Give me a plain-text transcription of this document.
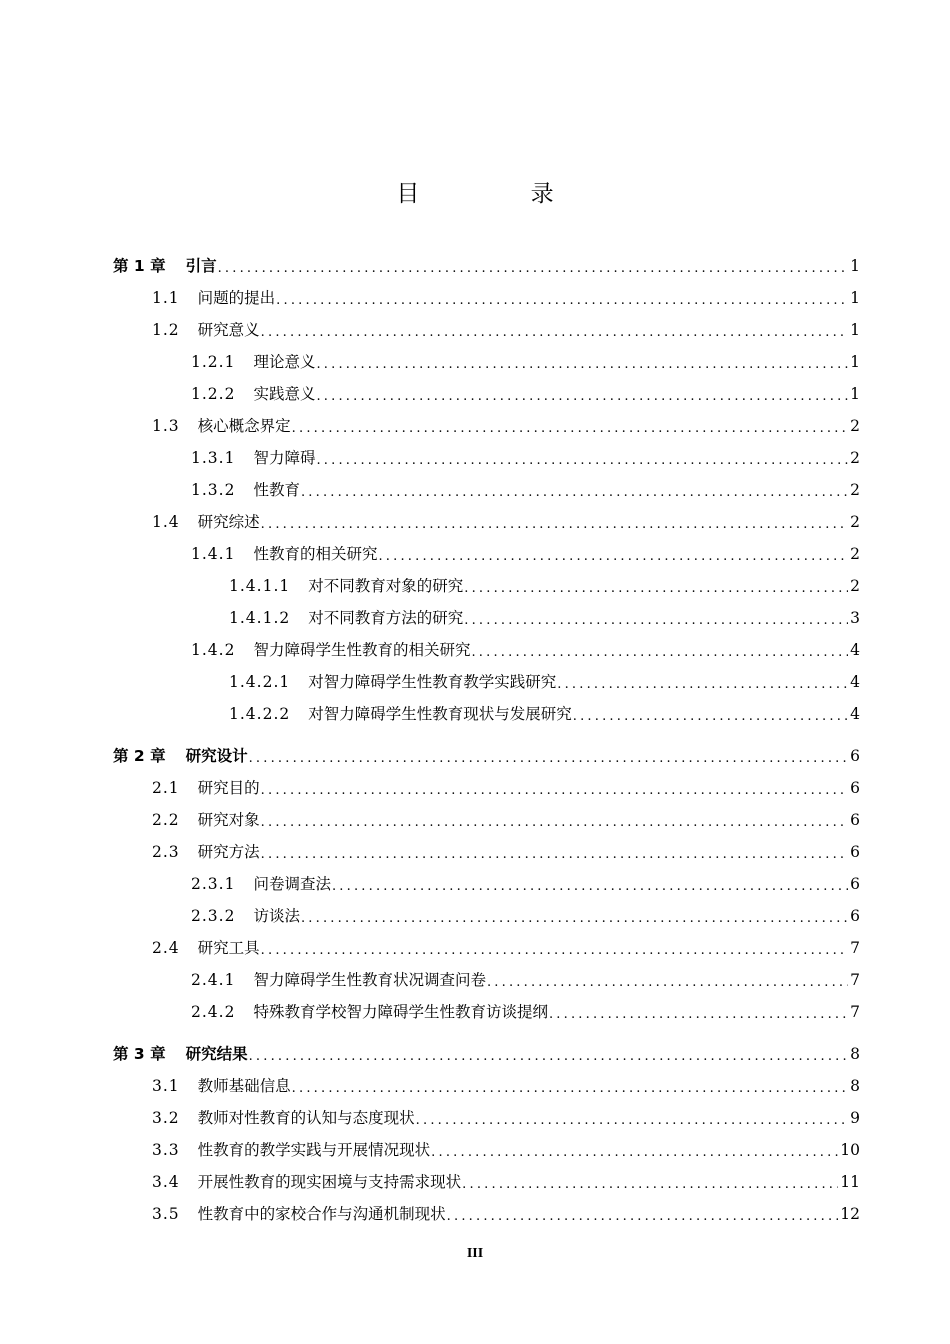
目 录
第 1 章 引言 .....	1
1.1 问题的提出 .....	1
1.2 研究意义 .....	1
1.2.1 理论意义 .....	1
1.2.2 实践意义 .....	1
1.3 核心概念界定 .....	2
1.3.1 智力障碍 .....	2
1.3.2 性教育 .....	2
1.4 研究综述 .....	2
1.4.1 性教育的相关研究 .....	2
1.4.1.1 对不同教育对象的研究 .....	2
1.4.1.2 对不同教育方法的研究 .....	3
1.4.2 智力障碍学生性教育的相关研究 .....	4
1.4.2.1 对智力障碍学生性教育教学实践研究 .....	4
1.4.2.2 对智力障碍学生性教育现状与发展研究 .....	4
第 2 章 研究设计 .....	6
2.1 研究目的 .....	6
2.2 研究对象 .....	6
2.3 研究方法 .....	6
2.3.1 问卷调查法 .....	6
2.3.2 访谈法 .....	6
2.4 研究工具 .....	7
2.4.1 智力障碍学生性教育状况调查问卷 .....	7
2.4.2 特殊教育学校智力障碍学生性教育访谈提纲 .....	7
第 3 章 研究结果 .....	8
3.1 教师基础信息 .....	8
3.2 教师对性教育的认知与态度现状 .....	9
3.3 性教育的教学实践与开展情况现状 .....	10
3.4 开展性教育的现实困境与支持需求现状 .....	11
3.5 性教育中的家校合作与沟通机制现状 .....	12
III
